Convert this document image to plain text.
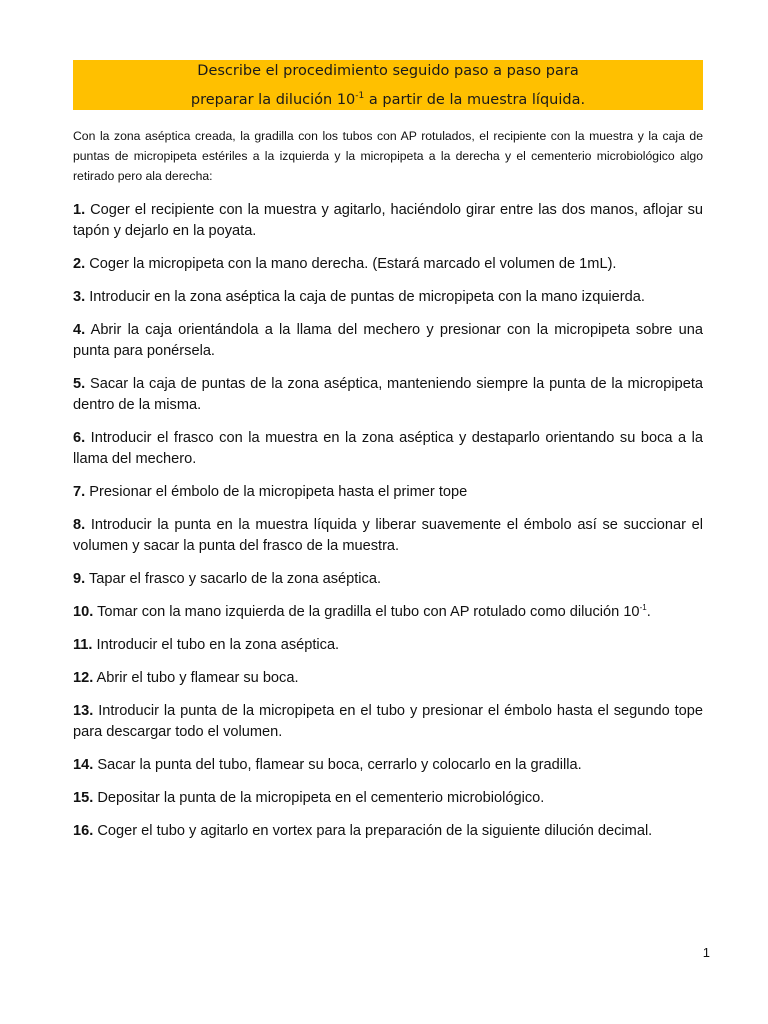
Describe el procedimiento seguido paso a paso para
preparar la dilución $10^{-1}$ a partir de la muestra líquida.

Con la zona aséptica creada, la gradilla con los tubos con AP rotulados, el recipiente con la muestra y la caja de puntas de micropipeta estériles a la izquierda y la micropipeta a la derecha y el cementerio microbiológico algo retirado pero ala derecha:

1. Coger el recipiente con la muestra y agitarlo, haciéndolo girar entre las dos manos, aflojar su tapón y dejarlo en la poyata.

2. Coger la micropipeta con la mano derecha. (Estará marcado el volumen de 1mL).

3. Introducir en la zona aséptica la caja de puntas de micropipeta con la mano izquierda.

4. Abrir la caja orientándola a la llama del mechero y presionar con la micropipeta sobre una punta para ponérsela.

5. Sacar la caja de puntas de la zona aséptica, manteniendo siempre la punta de la micropipeta dentro de la misma.

6. Introducir el frasco con la muestra en la zona aséptica y destaparlo orientando su boca a la llama del mechero.

7. Presionar el émbolo de la micropipeta hasta el primer tope

8. Introducir la punta en la muestra líquida y liberar suavemente el émbolo así se succionar el volumen y sacar la punta del frasco de la muestra.

9. Tapar el frasco y sacarlo de la zona aséptica.

10. Tomar con la mano izquierda de la gradilla el tubo con AP rotulado como dilución $10^{-1}$.

11. Introducir el tubo en la zona aséptica.

12. Abrir el tubo y flamear su boca.

13. Introducir la punta de la micropipeta en el tubo y presionar el émbolo hasta el segundo tope para descargar todo el volumen.

14. Sacar la punta del tubo, flamear su boca, cerrarlo y colocarlo en la gradilla.

15. Depositar la punta de la micropipeta en el cementerio microbiológico.

16. Coger el tubo y agitarlo en vortex para la preparación de la siguiente dilución decimal.

1
